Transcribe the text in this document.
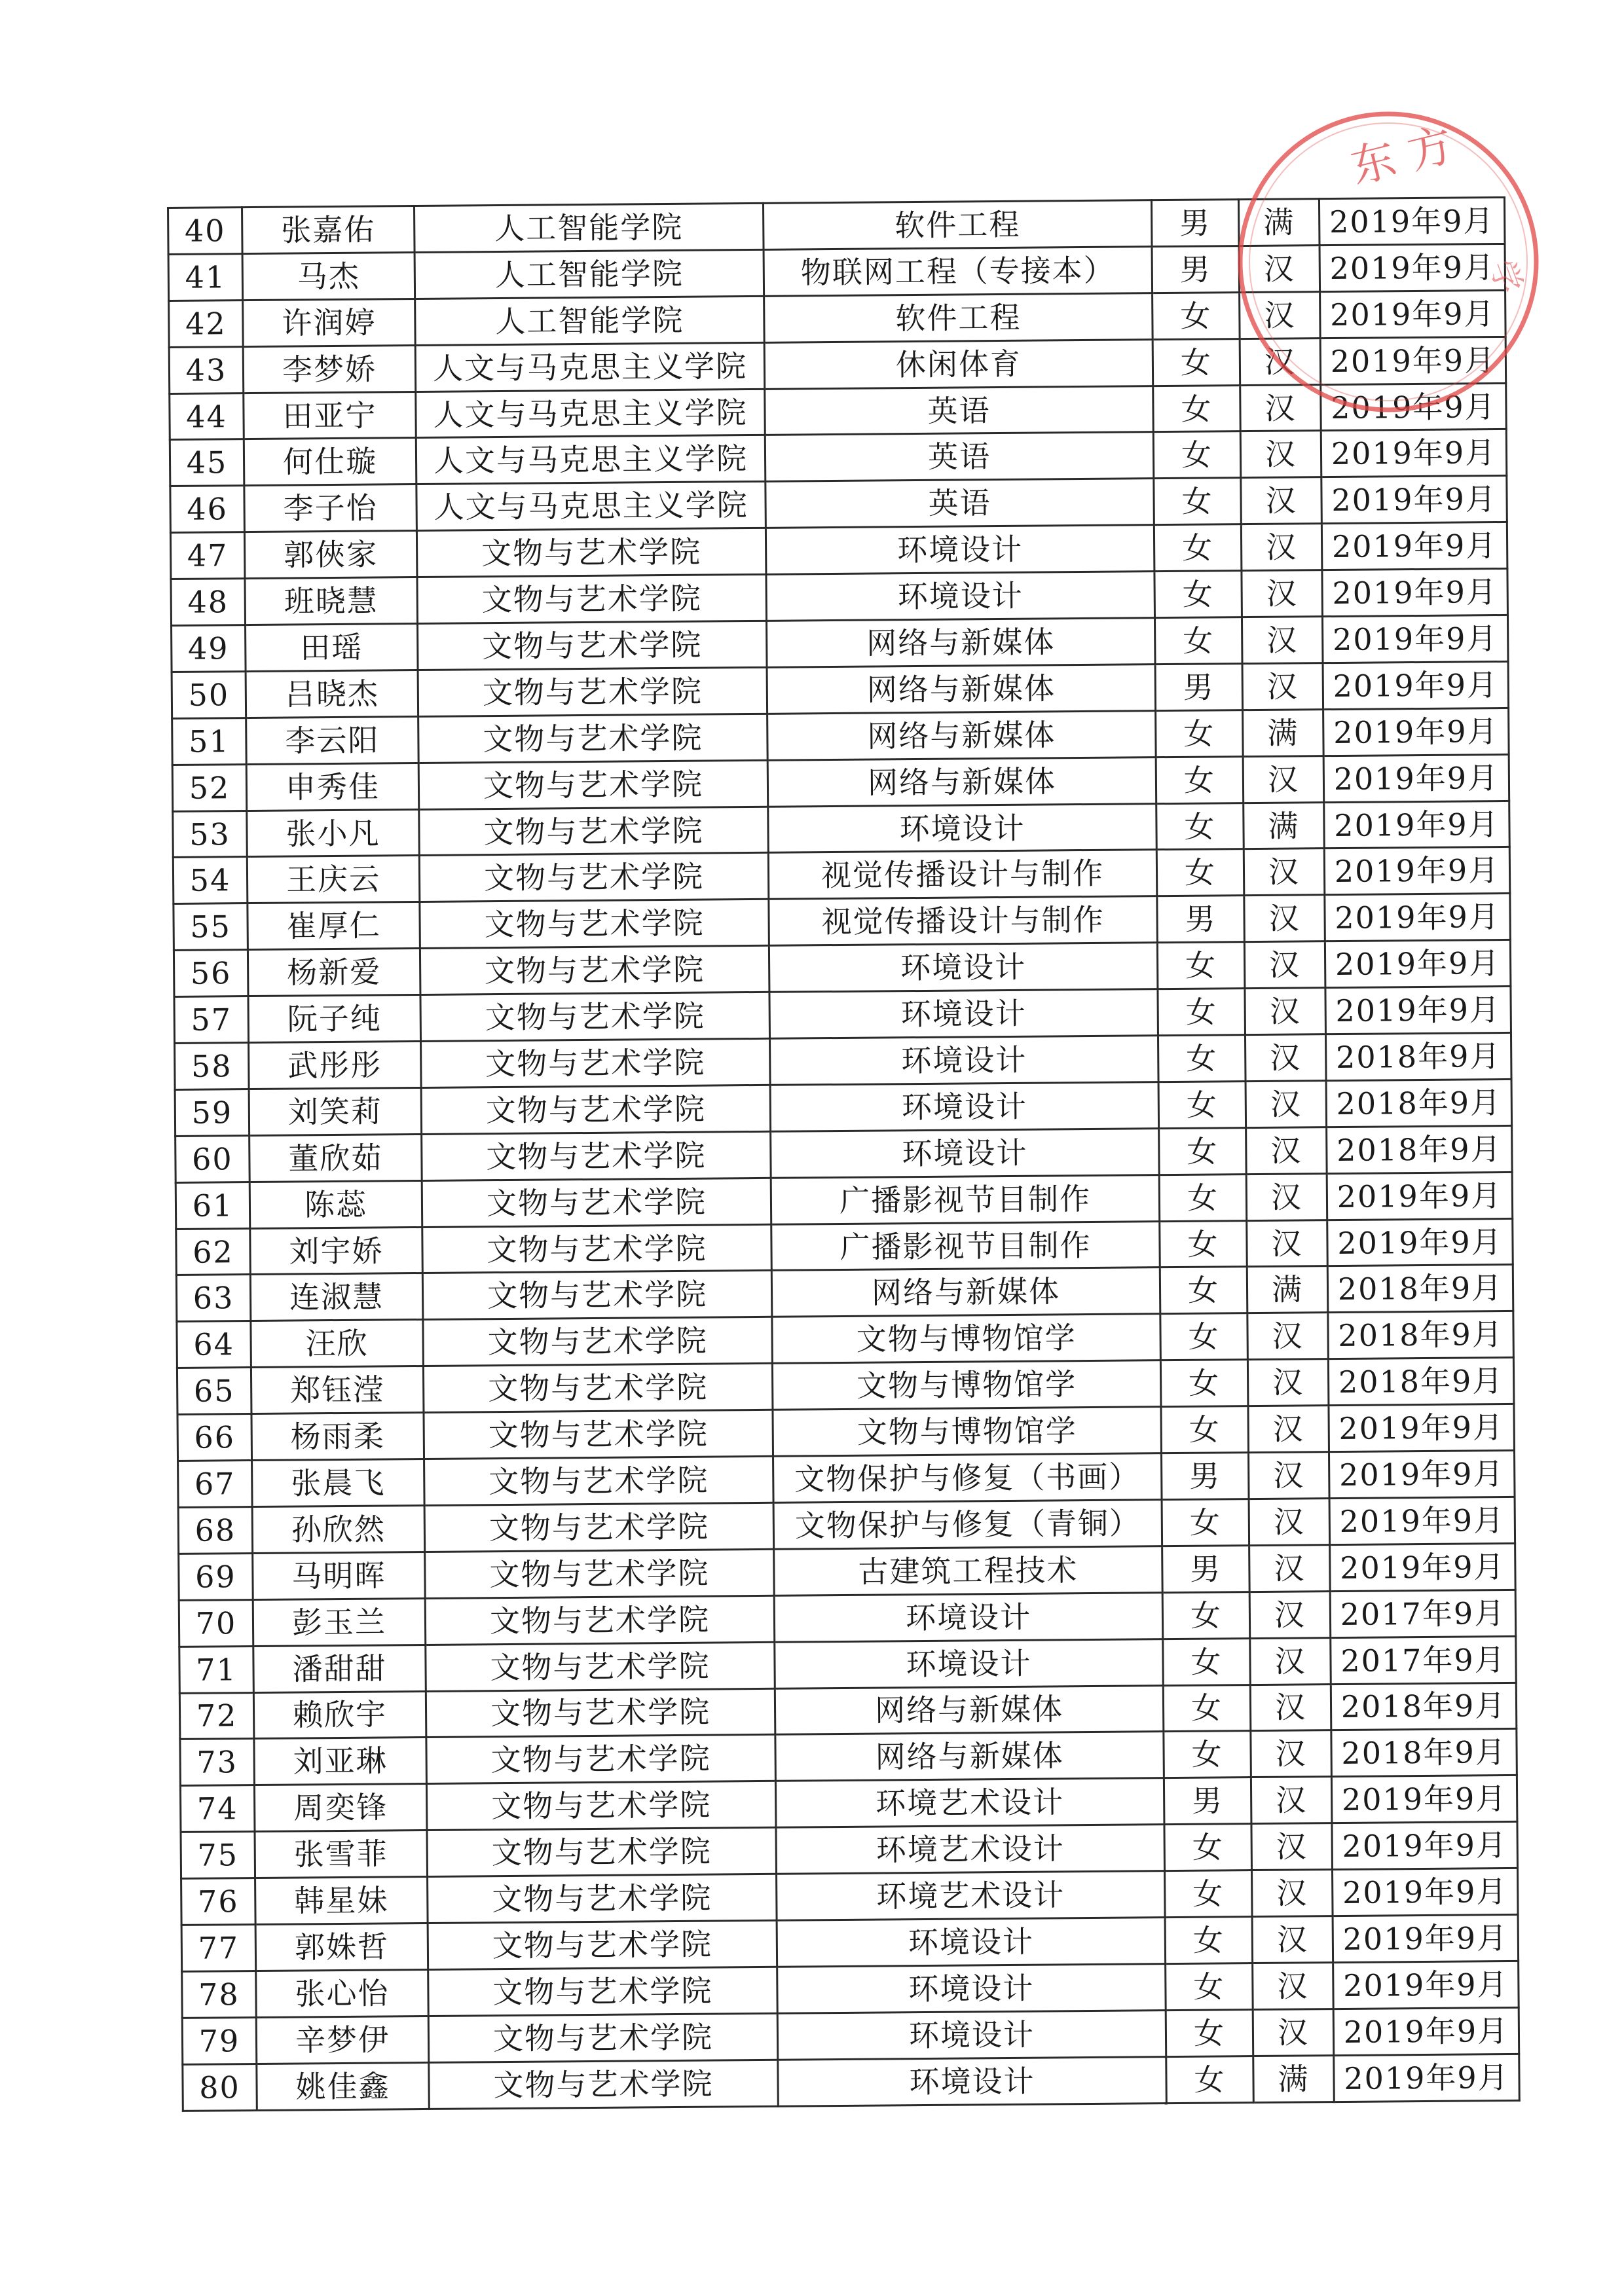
40	张嘉佑	人工智能学院	软件工程	男	满	2019年9月
41	马杰	人工智能学院	物联网工程（专接本）	男	汉	2019年9月
42	许润婷	人工智能学院	软件工程	女	汉	2019年9月
43	李梦娇	人文与马克思主义学院	休闲体育	女	汉	2019年9月
44	田亚宁	人文与马克思主义学院	英语	女	汉	2019年9月
45	何仕璇	人文与马克思主义学院	英语	女	汉	2019年9月
46	李子怡	人文与马克思主义学院	英语	女	汉	2019年9月
47	郭俠家	文物与艺术学院	环境设计	女	汉	2019年9月
48	班晓慧	文物与艺术学院	环境设计	女	汉	2019年9月
49	田瑶	文物与艺术学院	网络与新媒体	女	汉	2019年9月
50	吕晓杰	文物与艺术学院	网络与新媒体	男	汉	2019年9月
51	李云阳	文物与艺术学院	网络与新媒体	女	满	2019年9月
52	申秀佳	文物与艺术学院	网络与新媒体	女	汉	2019年9月
53	张小凡	文物与艺术学院	环境设计	女	满	2019年9月
54	王庆云	文物与艺术学院	视觉传播设计与制作	女	汉	2019年9月
55	崔厚仁	文物与艺术学院	视觉传播设计与制作	男	汉	2019年9月
56	杨新爱	文物与艺术学院	环境设计	女	汉	2019年9月
57	阮子纯	文物与艺术学院	环境设计	女	汉	2019年9月
58	武彤彤	文物与艺术学院	环境设计	女	汉	2018年9月
59	刘笑莉	文物与艺术学院	环境设计	女	汉	2018年9月
60	董欣茹	文物与艺术学院	环境设计	女	汉	2018年9月
61	陈蕊	文物与艺术学院	广播影视节目制作	女	汉	2019年9月
62	刘宇娇	文物与艺术学院	广播影视节目制作	女	汉	2019年9月
63	连淑慧	文物与艺术学院	网络与新媒体	女	满	2018年9月
64	汪欣	文物与艺术学院	文物与博物馆学	女	汉	2018年9月
65	郑钰滢	文物与艺术学院	文物与博物馆学	女	汉	2018年9月
66	杨雨柔	文物与艺术学院	文物与博物馆学	女	汉	2019年9月
67	张晨飞	文物与艺术学院	文物保护与修复（书画）	男	汉	2019年9月
68	孙欣然	文物与艺术学院	文物保护与修复（青铜）	女	汉	2019年9月
69	马明晖	文物与艺术学院	古建筑工程技术	男	汉	2019年9月
70	彭玉兰	文物与艺术学院	环境设计	女	汉	2017年9月
71	潘甜甜	文物与艺术学院	环境设计	女	汉	2017年9月
72	赖欣宇	文物与艺术学院	网络与新媒体	女	汉	2018年9月
73	刘亚琳	文物与艺术学院	网络与新媒体	女	汉	2018年9月
74	周奕锋	文物与艺术学院	环境艺术设计	男	汉	2019年9月
75	张雪菲	文物与艺术学院	环境艺术设计	女	汉	2019年9月
76	韩星妹	文物与艺术学院	环境艺术设计	女	汉	2019年9月
77	郭姝哲	文物与艺术学院	环境设计	女	汉	2019年9月
78	张心怡	文物与艺术学院	环境设计	女	汉	2019年9月
79	辛梦伊	文物与艺术学院	环境设计	女	汉	2019年9月
80	姚佳鑫	文物与艺术学院	环境设计	女	满	2019年9月
东 方
学
